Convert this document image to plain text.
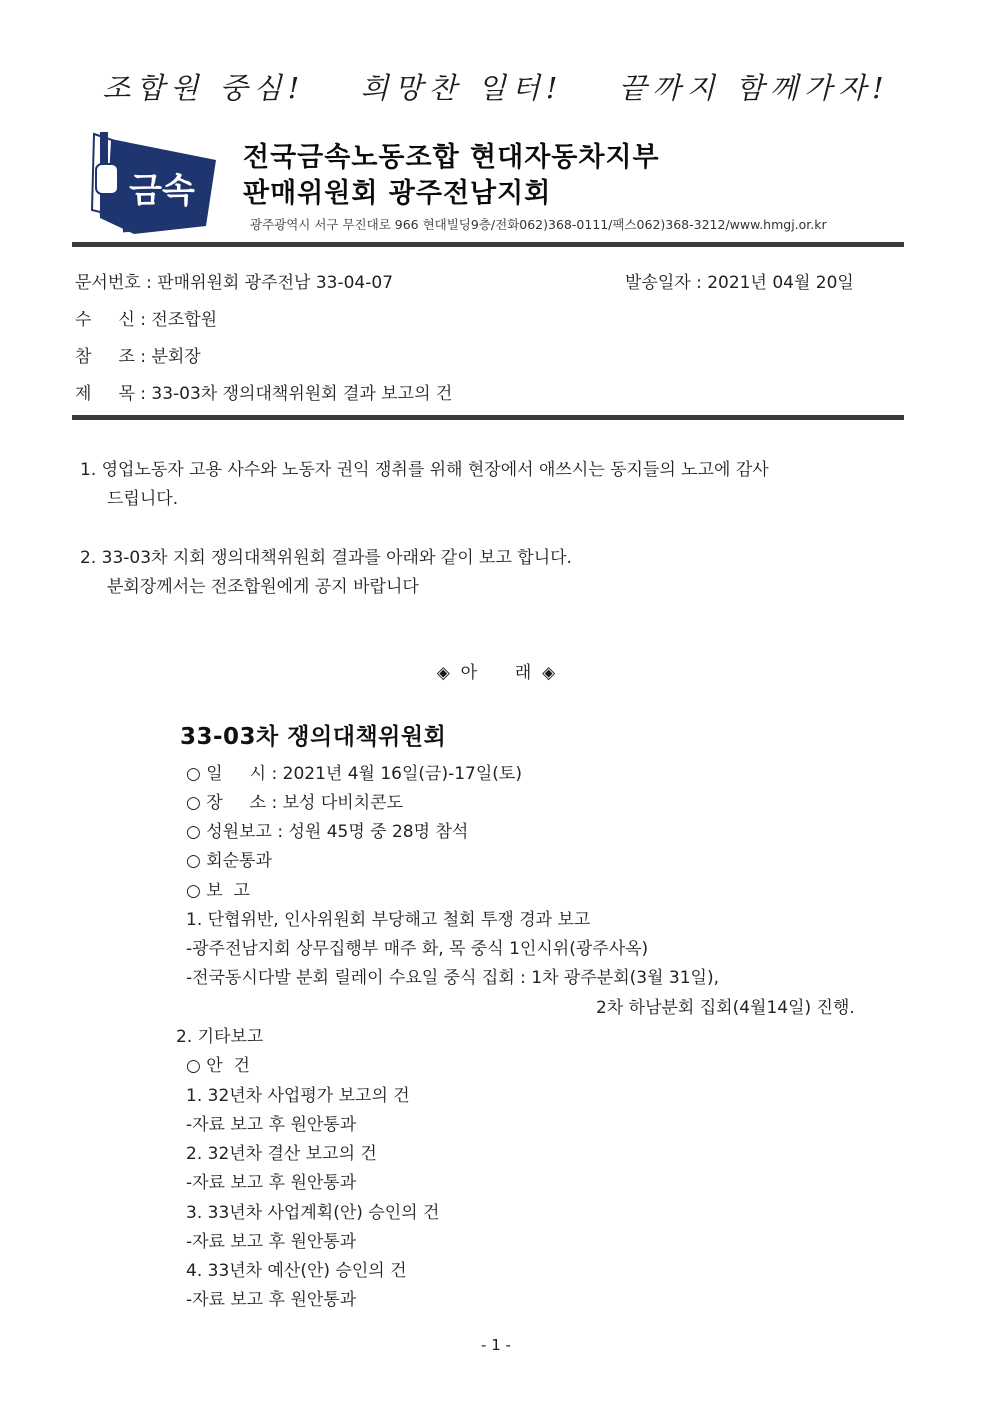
조합원 중심! 희망찬 일터! 끝까지 함께가자!
금속
전국금속노동조합 현대자동차지부
판매위원회 광주전남지회
광주광역시 서구 무진대로 966 현대빌딩9층/전화062)368-0111/팩스062)368-3212/www.hmgj.or.kr
문서번호 : 판매위원회 광주전남 33-04-07	발송일자 : 2021년 04월 20일
수     신 : 전조합원
참     조 : 분회장
제     목 : 33-03차 쟁의대책위원회 결과 보고의 건
1. 영업노동자 고용 사수와 노동자 권익 쟁취를 위해 현장에서 애쓰시는 동지들의 노고에 감사
드립니다.
2. 33-03차 지회 쟁의대책위원회 결과를 아래와 같이 보고 합니다.
분회장께서는 전조합원에게 공지 바랍니다
◈  아       래  ◈
33-03차 쟁의대책위원회
○ 일     시 : 2021년 4월 16일(금)-17일(토)
○ 장     소 : 보성 다비치콘도
○ 성원보고 : 성원 45명 중 28명 참석
○ 회순통과
○ 보  고
1. 단협위반, 인사위원회 부당해고 철회 투쟁 경과 보고
-광주전남지회 상무집행부 매주 화, 목 중식 1인시위(광주사옥)
-전국동시다발 분회 릴레이 수요일 중식 집회 : 1차 광주분회(3월 31일),
2차 하남분회 집회(4월14일) 진행.
2. 기타보고
○ 안  건
1. 32년차 사업평가 보고의 건
-자료 보고 후 원안통과
2. 32년차 결산 보고의 건
-자료 보고 후 원안통과
3. 33년차 사업계획(안) 승인의 건
-자료 보고 후 원안통과
4. 33년차 예산(안) 승인의 건
-자료 보고 후 원안통과
- 1 -
